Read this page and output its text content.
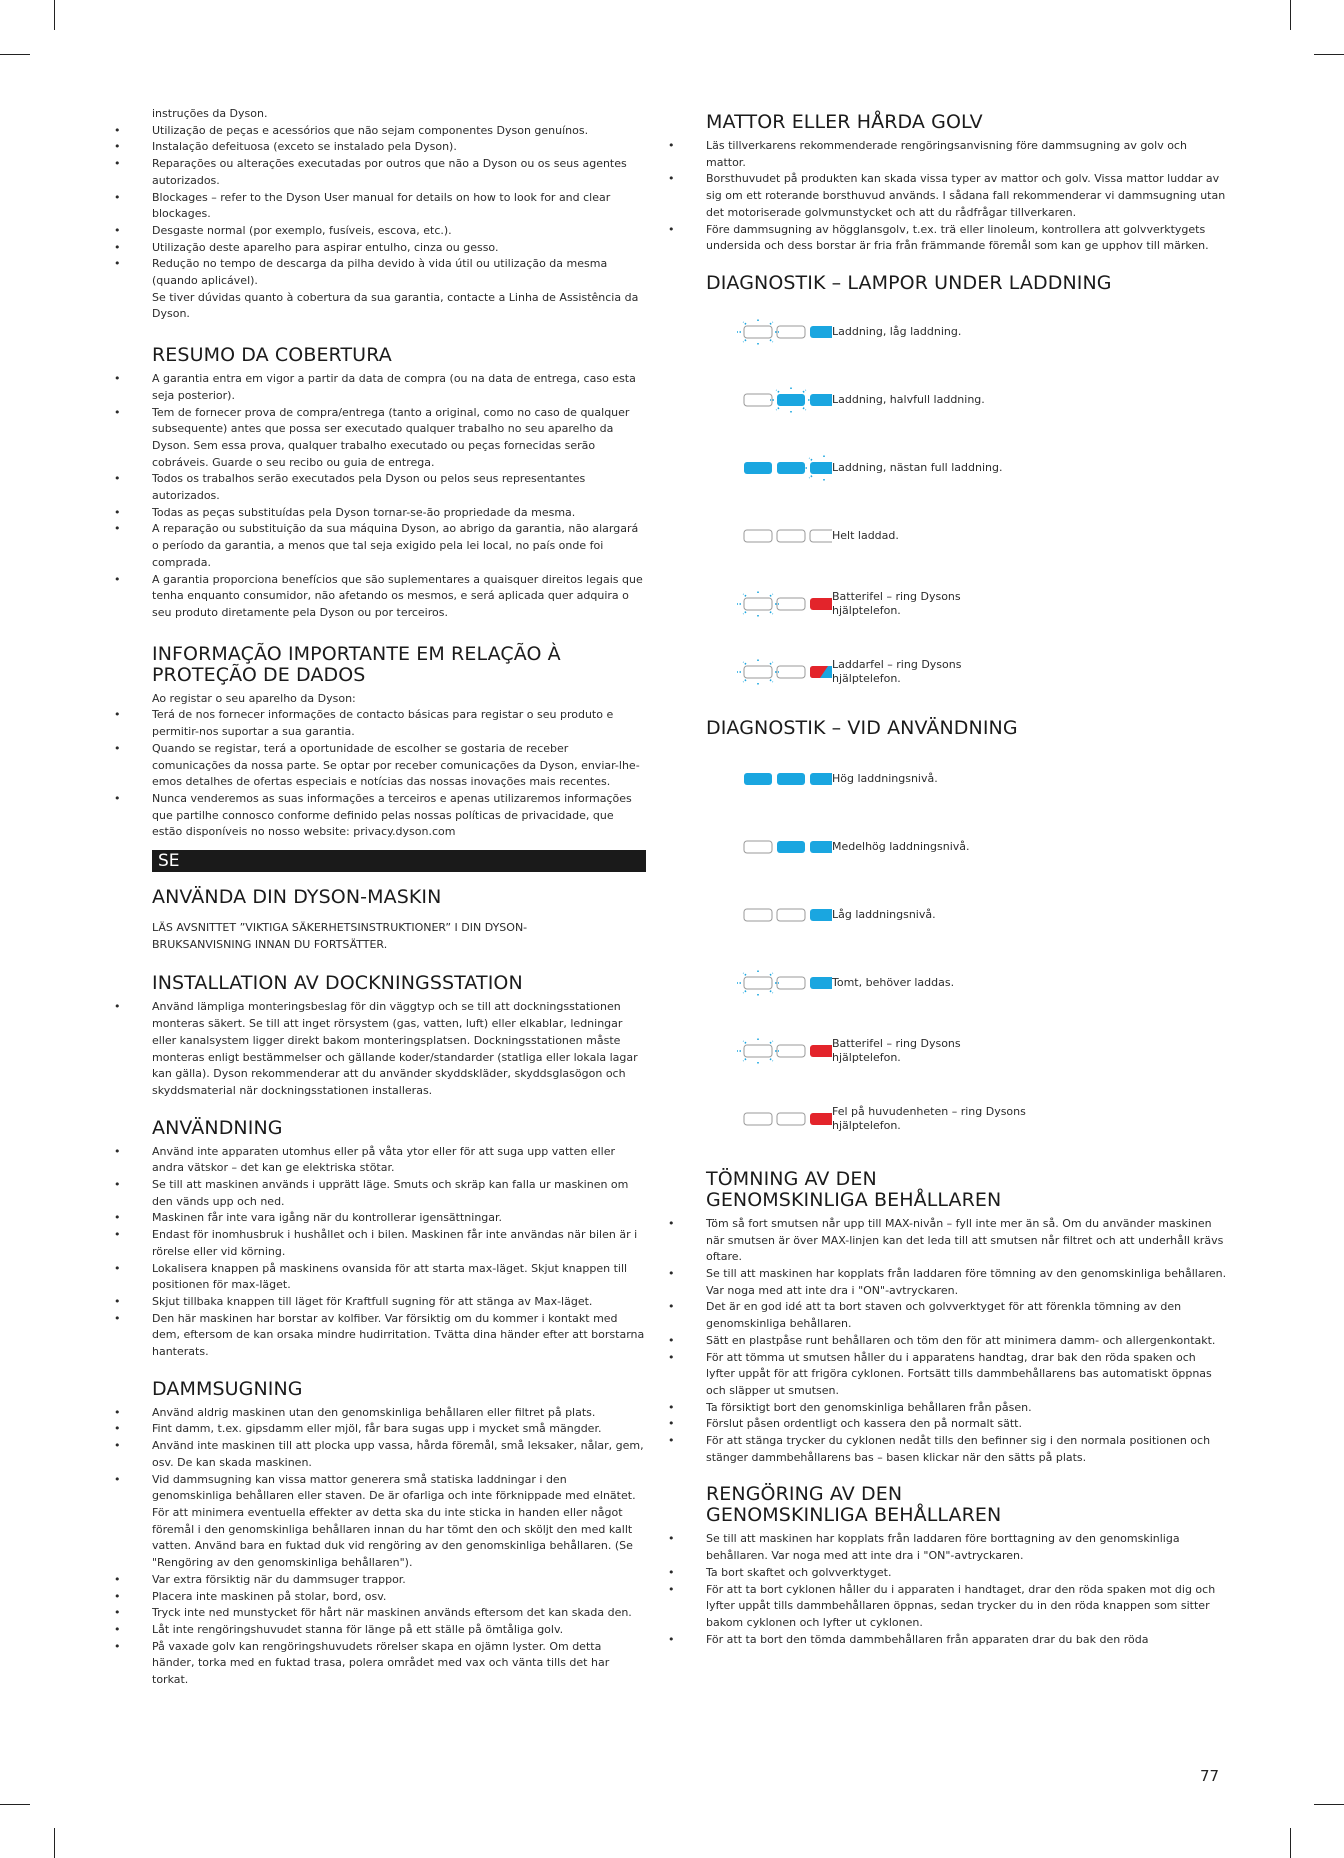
instruções da Dyson.
• Utilização de peças e acessórios que não sejam componentes Dyson genuínos.
• Instalação defeituosa (exceto se instalado pela Dyson).
• Reparações ou alterações executadas por outros que não a Dyson ou os seus agentes autorizados.
• Blockages – refer to the Dyson User manual for details on how to look for and clear blockages.
• Desgaste normal (por exemplo, fusíveis, escova, etc.).
• Utilização deste aparelho para aspirar entulho, cinza ou gesso.
• Redução no tempo de descarga da pilha devido à vida útil ou utilização da mesma (quando aplicável).
Se tiver dúvidas quanto à cobertura da sua garantia, contacte a Linha de Assistência da Dyson.
RESUMO DA COBERTURA
• A garantia entra em vigor a partir da data de compra (ou na data de entrega, caso esta seja posterior).
• Tem de fornecer prova de compra/entrega (tanto a original, como no caso de qualquer subsequente) antes que possa ser executado qualquer trabalho no seu aparelho da Dyson. Sem essa prova, qualquer trabalho executado ou peças fornecidas serão cobráveis. Guarde o seu recibo ou guia de entrega.
• Todos os trabalhos serão executados pela Dyson ou pelos seus representantes autorizados.
• Todas as peças substituídas pela Dyson tornar-se-ão propriedade da mesma.
• A reparação ou substituição da sua máquina Dyson, ao abrigo da garantia, não alargará o período da garantia, a menos que tal seja exigido pela lei local, no país onde foi comprada.
• A garantia proporciona benefícios que são suplementares a quaisquer direitos legais que tenha enquanto consumidor, não afetando os mesmos, e será aplicada quer adquira o seu produto diretamente pela Dyson ou por terceiros.
INFORMAÇÃO IMPORTANTE EM RELAÇÃO À PROTEÇÃO DE DADOS
Ao registar o seu aparelho da Dyson:
• Terá de nos fornecer informações de contacto básicas para registar o seu produto e permitir-nos suportar a sua garantia.
• Quando se registar, terá a oportunidade de escolher se gostaria de receber comunicações da nossa parte. Se optar por receber comunicações da Dyson, enviar-lhe-emos detalhes de ofertas especiais e notícias das nossas inovações mais recentes.
• Nunca venderemos as suas informações a terceiros e apenas utilizaremos informações que partilhe connosco conforme definido pelas nossas políticas de privacidade, que estão disponíveis no nosso website: privacy.dyson.com
SE
ANVÄNDA DIN DYSON-MASKIN
LÄS AVSNITTET ”VIKTIGA SÄKERHETSINSTRUKTIONER” I DIN DYSON-BRUKSANVISNING INNAN DU FORTSÄTTER.
INSTALLATION AV DOCKNINGSSTATION
• Använd lämpliga monteringsbeslag för din väggtyp och se till att dockningsstationen monteras säkert. Se till att inget rörsystem (gas, vatten, luft) eller elkablar, ledningar eller kanalsystem ligger direkt bakom monteringsplatsen. Dockningsstationen måste monteras enligt bestämmelser och gällande koder/standarder (statliga eller lokala lagar kan gälla). Dyson rekommenderar att du använder skyddskläder, skyddsglasögon och skyddsmaterial när dockningsstationen installeras.
ANVÄNDNING
• Använd inte apparaten utomhus eller på våta ytor eller för att suga upp vatten eller andra vätskor – det kan ge elektriska stötar.
• Se till att maskinen används i upprätt läge. Smuts och skräp kan falla ur maskinen om den vänds upp och ned.
• Maskinen får inte vara igång när du kontrollerar igensättningar.
• Endast för inomhusbruk i hushållet och i bilen. Maskinen får inte användas när bilen är i rörelse eller vid körning.
• Lokalisera knappen på maskinens ovansida för att starta max-läget. Skjut knappen till positionen för max-läget.
• Skjut tillbaka knappen till läget för Kraftfull sugning för att stänga av Max-läget.
• Den här maskinen har borstar av kolfiber. Var försiktig om du kommer i kontakt med dem, eftersom de kan orsaka mindre hudirritation. Tvätta dina händer efter att borstarna hanterats.
DAMMSUGNING
• Använd aldrig maskinen utan den genomskinliga behållaren eller filtret på plats.
• Fint damm, t.ex. gipsdamm eller mjöl, får bara sugas upp i mycket små mängder.
• Använd inte maskinen till att plocka upp vassa, hårda föremål, små leksaker, nålar, gem, osv. De kan skada maskinen.
• Vid dammsugning kan vissa mattor generera små statiska laddningar i den genomskinliga behållaren eller staven. De är ofarliga och inte förknippade med elnätet. För att minimera eventuella effekter av detta ska du inte sticka in handen eller något föremål i den genomskinliga behållaren innan du har tömt den och sköljt den med kallt vatten. Använd bara en fuktad duk vid rengöring av den genomskinliga behållaren. (Se "Rengöring av den genomskinliga behållaren").
• Var extra försiktig när du dammsuger trappor.
• Placera inte maskinen på stolar, bord, osv.
• Tryck inte ned munstycket för hårt när maskinen används eftersom det kan skada den.
• Låt inte rengöringshuvudet stanna för länge på ett ställe på ömtåliga golv.
• På vaxade golv kan rengöringshuvudets rörelser skapa en ojämn lyster. Om detta händer, torka med en fuktad trasa, polera området med vax och vänta tills det har torkat.
MATTOR ELLER HÅRDA GOLV
• Läs tillverkarens rekommenderade rengöringsanvisning före dammsugning av golv och mattor.
• Borsthuvudet på produkten kan skada vissa typer av mattor och golv. Vissa mattor luddar av sig om ett roterande borsthuvud används. I sådana fall rekommenderar vi dammsugning utan det motoriserade golvmunstycket och att du rådfrågar tillverkaren.
• Före dammsugning av högglansgolv, t.ex. trä eller linoleum, kontrollera att golvverktygets undersida och dess borstar är fria från främmande föremål som kan ge upphov till märken.
DIAGNOSTIK – LAMPOR UNDER LADDNING
Laddning, låg laddning.
Laddning, halvfull laddning.
Laddning, nästan full laddning.
Helt laddad.
Batterifel – ring Dysons hjälptelefon.
Laddarfel – ring Dysons hjälptelefon.
DIAGNOSTIK – VID ANVÄNDNING
Hög laddningsnivå.
Medelhög laddningsnivå.
Låg laddningsnivå.
Tomt, behöver laddas.
Batterifel – ring Dysons hjälptelefon.
Fel på huvudenheten – ring Dysons hjälptelefon.
TÖMNING AV DEN GENOMSKINLIGA BEHÅLLAREN
• Töm så fort smutsen når upp till MAX-nivån – fyll inte mer än så. Om du använder maskinen när smutsen är över MAX-linjen kan det leda till att smutsen når filtret och att underhåll krävs oftare.
• Se till att maskinen har kopplats från laddaren före tömning av den genomskinliga behållaren. Var noga med att inte dra i "ON"-avtryckaren.
• Det är en god idé att ta bort staven och golvverktyget för att förenkla tömning av den genomskinliga behållaren.
• Sätt en plastpåse runt behållaren och töm den för att minimera damm- och allergenkontakt.
• För att tömma ut smutsen håller du i apparatens handtag, drar bak den röda spaken och lyfter uppåt för att frigöra cyklonen. Fortsätt tills dammbehållarens bas automatiskt öppnas och släpper ut smutsen.
• Ta försiktigt bort den genomskinliga behållaren från påsen.
• Förslut påsen ordentligt och kassera den på normalt sätt.
• För att stänga trycker du cyklonen nedåt tills den befinner sig i den normala positionen och stänger dammbehållarens bas – basen klickar när den sätts på plats.
RENGÖRING AV DEN GENOMSKINLIGA BEHÅLLAREN
• Se till att maskinen har kopplats från laddaren före borttagning av den genomskinliga behållaren. Var noga med att inte dra i "ON"-avtryckaren.
• Ta bort skaftet och golvverktyget.
• För att ta bort cyklonen håller du i apparaten i handtaget, drar den röda spaken mot dig och lyfter uppåt tills dammbehållaren öppnas, sedan trycker du in den röda knappen som sitter bakom cyklonen och lyfter ut cyklonen.
• För att ta bort den tömda dammbehållaren från apparaten drar du bak den röda
77
